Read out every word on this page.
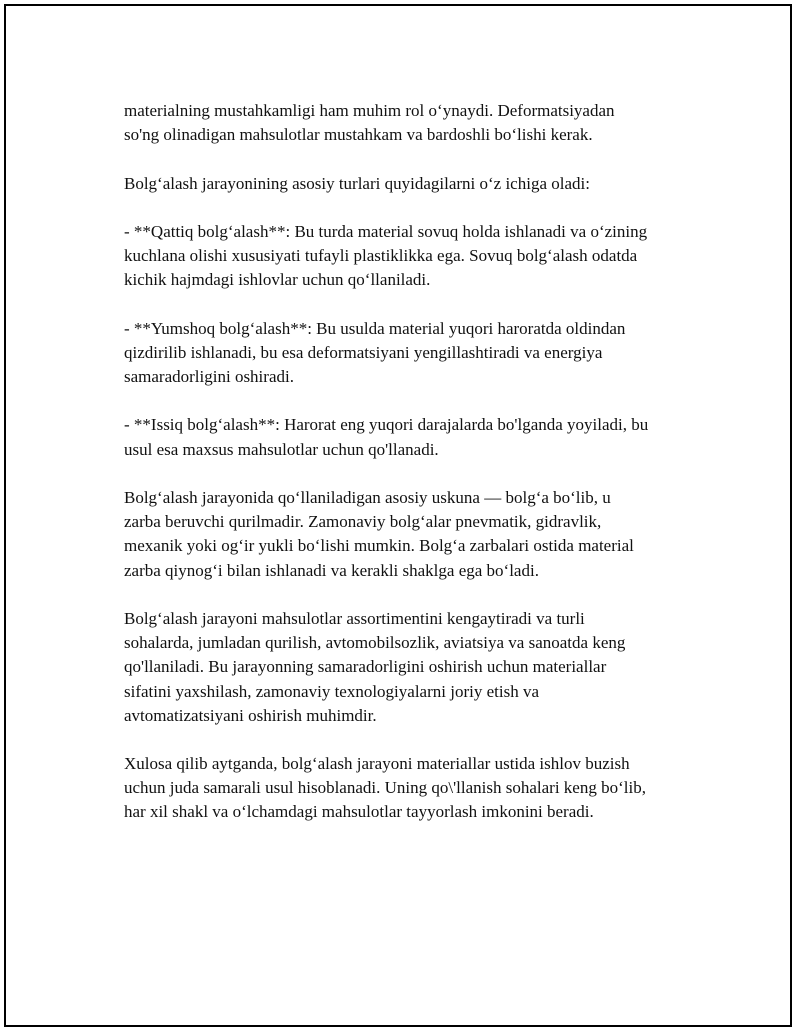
materialning mustahkamligi ham muhim rol o‘ynaydi. Deformatsiyadan
so'ng olinadigan mahsulotlar mustahkam va bardoshli bo‘lishi kerak.
Bolg‘alash jarayonining asosiy turlari quyidagilarni o‘z ichiga oladi:
- **Qattiq bolg‘alash**: Bu turda material sovuq holda ishlanadi va o‘zining
kuchlana olishi xususiyati tufayli plastiklikka ega. Sovuq bolg‘alash odatda
kichik hajmdagi ishlovlar uchun qo‘llaniladi.
- **Yumshoq bolg‘alash**: Bu usulda material yuqori haroratda oldindan
qizdirilib ishlanadi, bu esa deformatsiyani yengillashtiradi va energiya
samaradorligini oshiradi.
- **Issiq bolg‘alash**: Harorat eng yuqori darajalarda bo'lganda yoyiladi, bu
usul esa maxsus mahsulotlar uchun qo'llanadi.
Bolg‘alash jarayonida qo‘llaniladigan asosiy uskuna — bolg‘a bo‘lib, u
zarba beruvchi qurilmadir. Zamonaviy bolg‘alar pnevmatik, gidravlik,
mexanik yoki og‘ir yukli bo‘lishi mumkin. Bolg‘a zarbalari ostida material
zarba qiynog‘i bilan ishlanadi va kerakli shaklga ega bo‘ladi.
Bolg‘alash jarayoni mahsulotlar assortimentini kengaytiradi va turli
sohalarda, jumladan qurilish, avtomobilsozlik, aviatsiya va sanoatda keng
qo'llaniladi. Bu jarayonning samaradorligini oshirish uchun materiallar
sifatini yaxshilash, zamonaviy texnologiyalarni joriy etish va
avtomatizatsiyani oshirish muhimdir.
Xulosa qilib aytganda, bolg‘alash jarayoni materiallar ustida ishlov buzish
uchun juda samarali usul hisoblanadi. Uning qo\'llanish sohalari keng bo‘lib,
har xil shakl va o‘lchamdagi mahsulotlar tayyorlash imkonini beradi.
